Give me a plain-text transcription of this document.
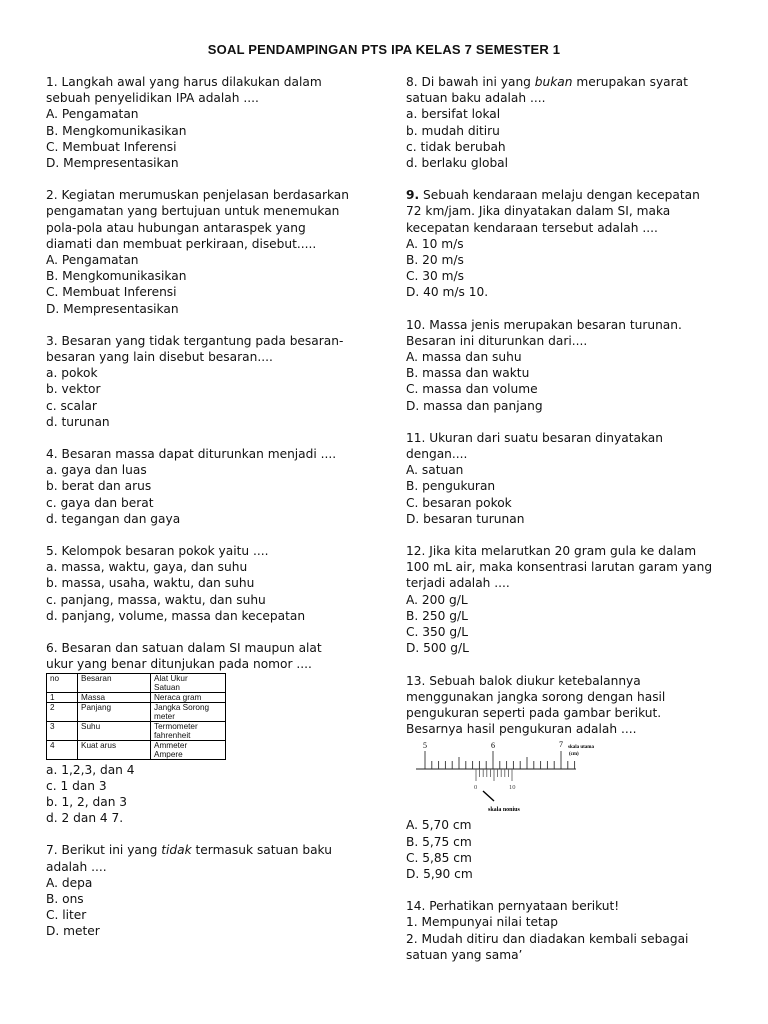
SOAL PENDAMPINGAN PTS IPA KELAS 7 SEMESTER 1
1. Langkah awal yang harus dilakukan dalam
sebuah penyelidikan IPA adalah ....
A. Pengamatan
B. Mengkomunikasikan
C. Membuat Inferensi
D. Mempresentasikan
2. Kegiatan merumuskan penjelasan berdasarkan
pengamatan yang bertujuan untuk menemukan
pola-pola atau hubungan antaraspek yang
diamati dan membuat perkiraan, disebut.....
A. Pengamatan
B. Mengkomunikasikan
C. Membuat Inferensi
D. Mempresentasikan
3. Besaran yang tidak tergantung pada besaran-
besaran yang lain disebut besaran....
a. pokok
b. vektor
c. scalar
d. turunan
4. Besaran massa dapat diturunkan menjadi ....
a. gaya dan luas
b. berat dan arus
c. gaya dan berat
d. tegangan dan gaya
5. Kelompok besaran pokok yaitu ....
a. massa, waktu, gaya, dan suhu
b. massa, usaha, waktu, dan suhu
c. panjang, massa, waktu, dan suhu
d. panjang, volume, massa dan kecepatan
6. Besaran dan satuan dalam SI maupun alat
ukur yang benar ditunjukan pada nomor ....
no	Besaran	Alat Ukur
Satuan
1	Massa	Neraca gram
2	Panjang	Jangka Sorong
meter
3	Suhu	Termometer
fahrenheit
4	Kuat arus	Ammeter
Ampere
a. 1,2,3, dan 4
c. 1 dan 3
b. 1, 2, dan 3
d. 2 dan 4 7.
7. Berikut ini yang tidak termasuk satuan baku
adalah ....
A. depa
B. ons
C. liter
D. meter
8. Di bawah ini yang bukan merupakan syarat
satuan baku adalah ....
a. bersifat lokal
b. mudah ditiru
c. tidak berubah
d. berlaku global
9. Sebuah kendaraan melaju dengan kecepatan
72 km/jam. Jika dinyatakan dalam SI, maka
kecepatan kendaraan tersebut adalah ....
A. 10 m/s
B. 20 m/s
C. 30 m/s
D. 40 m/s 10.
10. Massa jenis merupakan besaran turunan.
Besaran ini diturunkan dari....
A. massa dan suhu
B. massa dan waktu
C. massa dan volume
D. massa dan panjang
11. Ukuran dari suatu besaran dinyatakan
dengan....
A. satuan
B. pengukuran
C. besaran pokok
D. besaran turunan
12. Jika kita melarutkan 20 gram gula ke dalam
100 mL air, maka konsentrasi larutan garam yang
terjadi adalah ....
A. 200 g/L
B. 250 g/L
C. 350 g/L
D. 500 g/L
13. Sebuah balok diukur ketebalannya
menggunakan jangka sorong dengan hasil
pengukuran seperti pada gambar berikut.
Besarnya hasil pengukuran adalah ....
5	6	7 skala utama
(cm)
0	10
skala nonius
A. 5,70 cm
B. 5,75 cm
C. 5,85 cm
D. 5,90 cm
14. Perhatikan pernyataan berikut!
1. Mempunyai nilai tetap
2. Mudah ditiru dan diadakan kembali sebagai
satuan yang sama’
